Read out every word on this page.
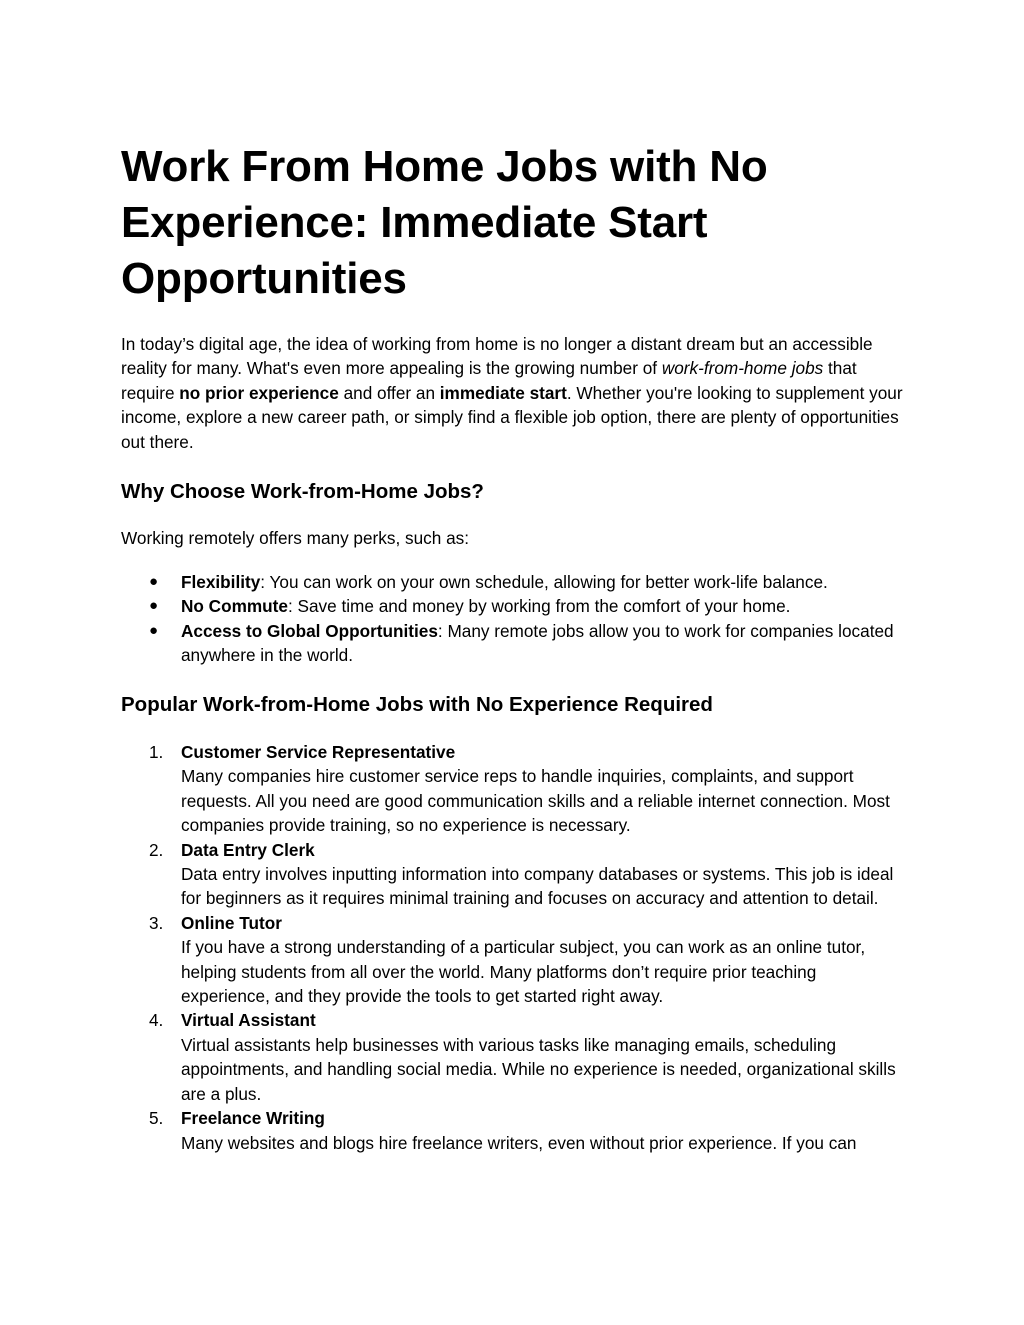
Work From Home Jobs with No Experience: Immediate Start Opportunities

In today’s digital age, the idea of working from home is no longer a distant dream but an accessible reality for many. What's even more appealing is the growing number of work-from-home jobs that require no prior experience and offer an immediate start. Whether you're looking to supplement your income, explore a new career path, or simply find a flexible job option, there are plenty of opportunities out there.

Why Choose Work-from-Home Jobs?

Working remotely offers many perks, such as:

● Flexibility: You can work on your own schedule, allowing for better work-life balance.
● No Commute: Save time and money by working from the comfort of your home.
● Access to Global Opportunities: Many remote jobs allow you to work for companies located anywhere in the world.
Popular Work-from-Home Jobs with No Experience Required
1. Customer Service Representative
Many companies hire customer service reps to handle inquiries, complaints, and support requests. All you need are good communication skills and a reliable internet connection. Most companies provide training, so no experience is necessary.
2. Data Entry Clerk
Data entry involves inputting information into company databases or systems. This job is ideal for beginners as it requires minimal training and focuses on accuracy and attention to detail.
3. Online Tutor
If you have a strong understanding of a particular subject, you can work as an online tutor, helping students from all over the world. Many platforms don’t require prior teaching experience, and they provide the tools to get started right away.
4. Virtual Assistant
Virtual assistants help businesses with various tasks like managing emails, scheduling appointments, and handling social media. While no experience is needed, organizational skills are a plus.
5. Freelance Writing
Many websites and blogs hire freelance writers, even without prior experience. If you can
